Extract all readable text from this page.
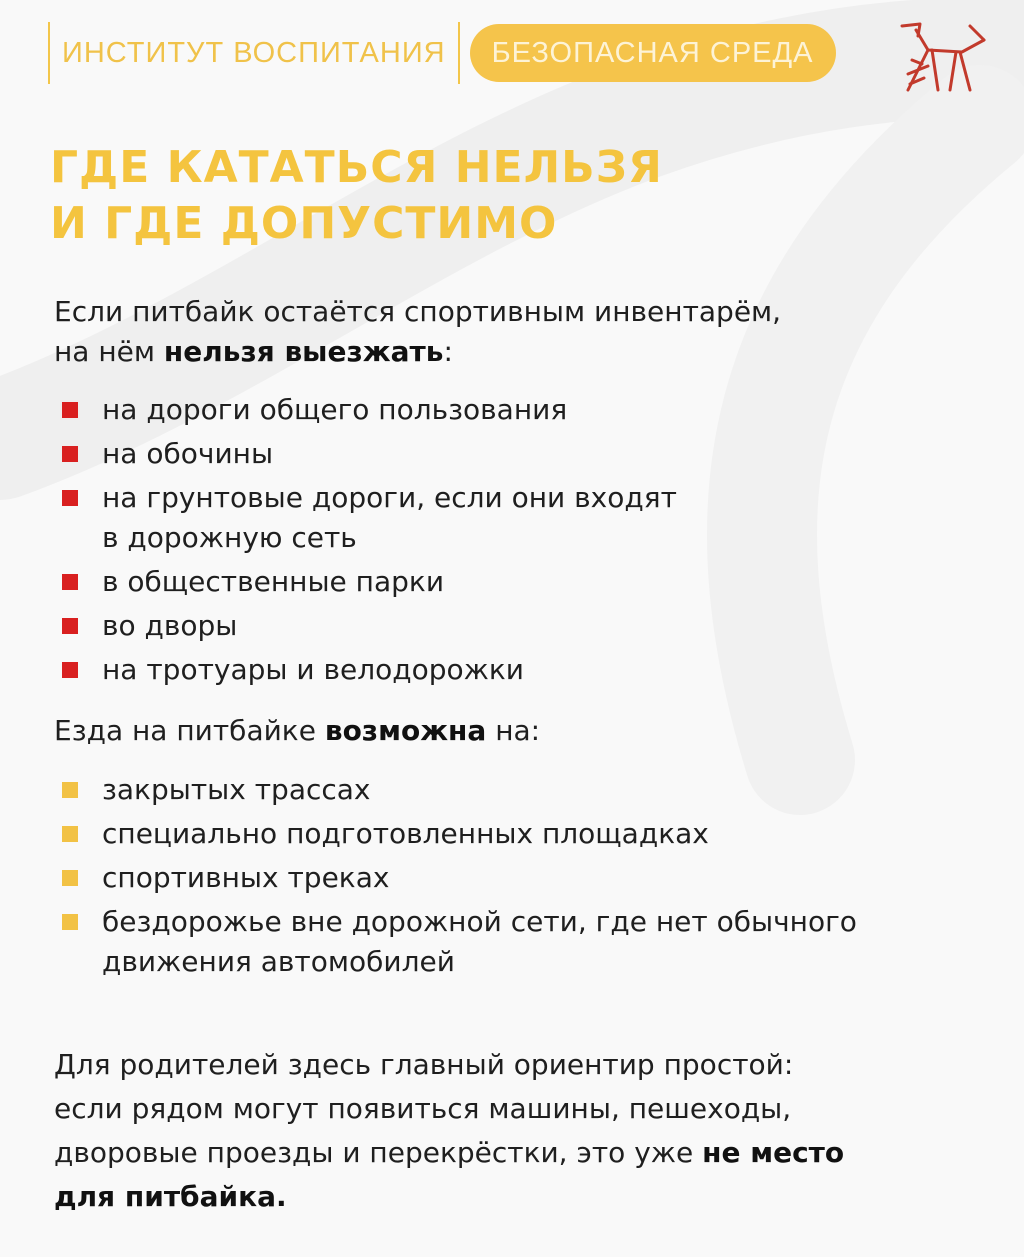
ИНСТИТУТ ВОСПИТАНИЯ	БЕЗОПАСНАЯ СРЕДА
ГДЕ КАТАТЬСЯ НЕЛЬЗЯ
И ГДЕ ДОПУСТИМО

Если питбайк остаётся спортивным инвентарём,
на нём нельзя выезжать:

на дороги общего пользования
на обочины
на грунтовые дороги, если они входят
в дорожную сеть
в общественные парки
во дворы
на тротуары и велодорожки

Езда на питбайке возможна на:

закрытых трассах
специально подготовленных площадках
спортивных треках
бездорожье вне дорожной сети, где нет обычного
движения автомобилей

Для родителей здесь главный ориентир простой:
если рядом могут появиться машины, пешеходы,
дворовые проезды и перекрёстки, это уже не место
для питбайка.
